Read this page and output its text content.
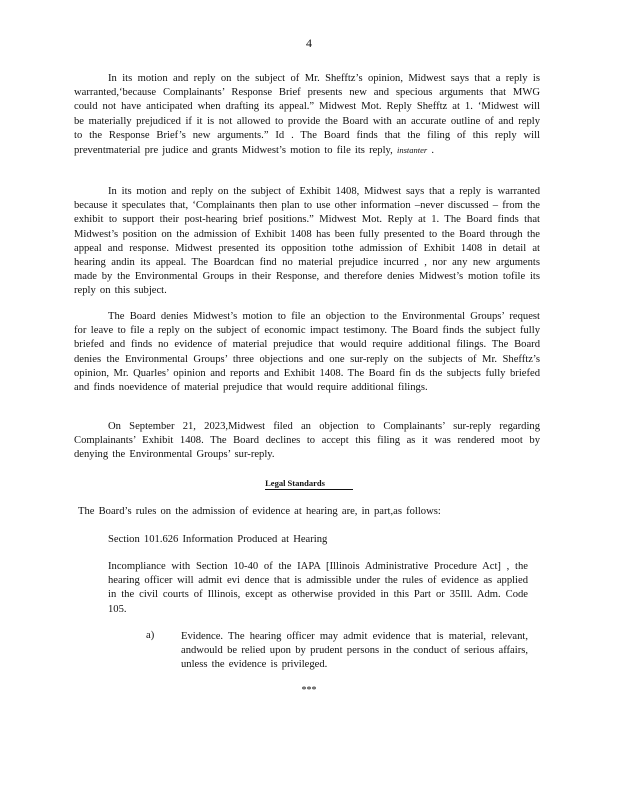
4

In its motion and reply on the subject of Mr. Shefftz’s opinion, Midwest says that a reply is warranted,‘because Complainants’ Response Brief presents new and specious arguments that MWG could not have anticipated when drafting its appeal.” Midwest Mot. Reply Shefftz at 1. ‘Midwest will be materially prejudiced if it is not allowed to provide the Board with an accurate outline of and reply to the Response Brief’s new arguments.” Id . The Board finds that the filing of this reply will preventmaterial pre judice and grants Midwest’s motion to file its reply, instanter .

In its motion and reply on the subject of Exhibit 1408, Midwest says that a reply is warranted because it speculates that, ‘Complainants then plan to use other information –never discussed – from the exhibit to support their post-hearing brief positions.” Midwest Mot. Reply at 1. The Board finds that Midwest’s position on the admission of Exhibit 1408 has been fully presented to the Board through the appeal and response. Midwest presented its opposition tothe admission of Exhibit 1408 in detail at hearing andin its appeal. The Boardcan find no material prejudice incurred , nor any new arguments made by the Environmental Groups in their Response, and therefore denies Midwest’s motion tofile its reply on this subject.

The Board denies Midwest’s motion to file an objection to the Environmental Groups’ request for leave to file a reply on the subject of economic impact testimony. The Board finds the subject fully briefed and finds no evidence of material prejudice that would require additional filings. The Board denies the Environmental Groups’ three objections and one sur-reply on the subjects of Mr. Shefftz’s opinion, Mr. Quarles’ opinion and reports and Exhibit 1408. The Board fin ds the subjects fully briefed and finds noevidence of material prejudice that would require additional filings.

On September 21, 2023,Midwest filed an objection to Complainants’ sur-reply regarding Complainants’ Exhibit 1408. The Board declines to accept this filing as it was rendered moot by denying the Environmental Groups’ sur-reply.

Legal Standards
The Board’s rules on the admission of evidence at hearing are, in part,as follows:
Section 101.626 Information Produced at Hearing
Incompliance with Section 10-40 of the IAPA [Illinois Administrative Procedure Act] , the hearing officer will admit evi dence that is admissible under the rules of evidence as applied in the civil courts of Illinois, except as otherwise provided in this Part or 35Ill. Adm. Code 105.
a)	Evidence. The hearing officer may admit evidence that is material, relevant, andwould be relied upon by prudent persons in the conduct of serious affairs, unless the evidence is privileged.
***
